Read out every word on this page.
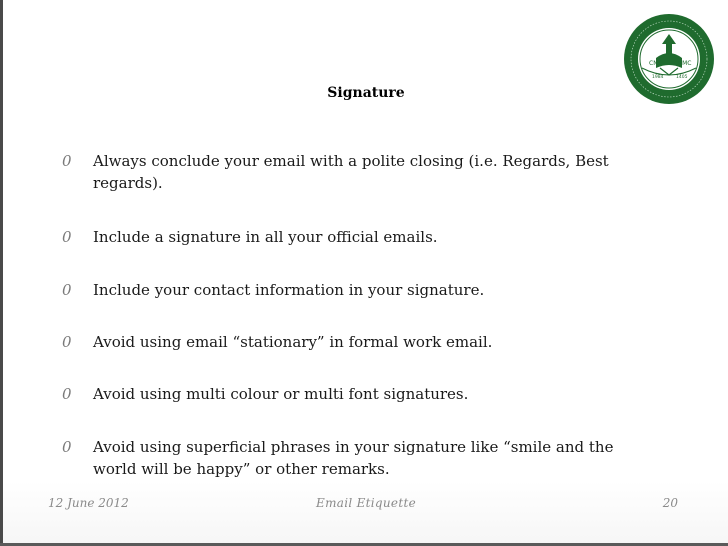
CNS	BMC
1984	1405
Signature
0 Always conclude your email with a polite closing (i.e. Regards, Best regards).
0 Include a signature in all your official emails.
0 Include your contact information in your signature.
0 Avoid using email “stationary” in formal work email.
0 Avoid using multi colour or multi font signatures.
0 Avoid using superficial phrases in your signature like “smile and the world will be happy” or other remarks.
12 June 2012	Email Etiquette	20
